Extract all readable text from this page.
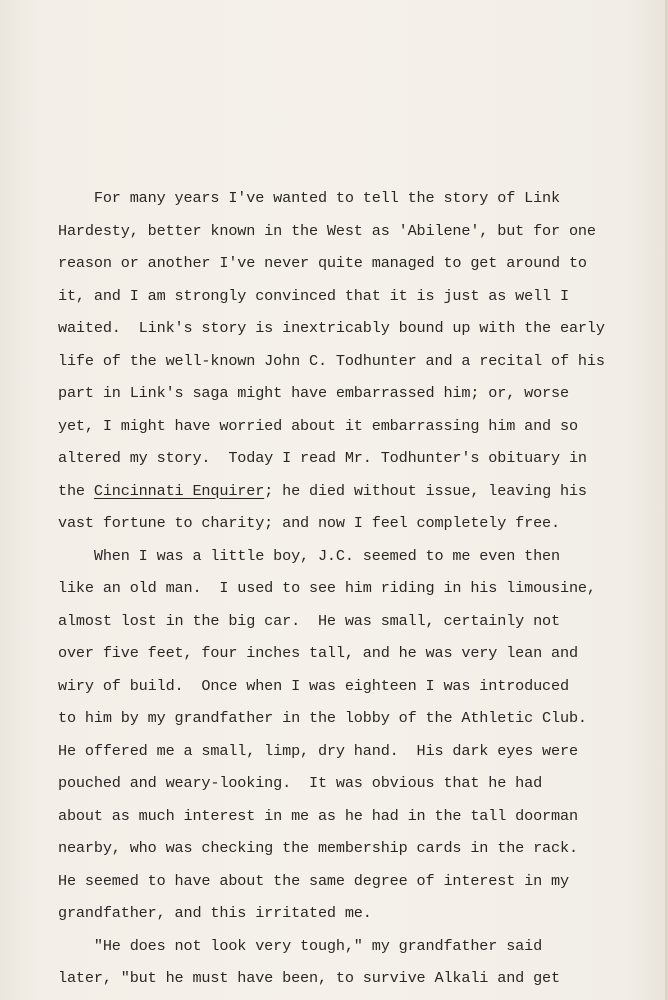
For many years I've wanted to tell the story of Link
Hardesty, better known in the West as 'Abilene', but for one
reason or another I've never quite managed to get around to
it, and I am strongly convinced that it is just as well I
waited.  Link's story is inextricably bound up with the early
life of the well-known John C. Todhunter and a recital of his
part in Link's saga might have embarrassed him; or, worse
yet, I might have worried about it embarrassing him and so
altered my story.  Today I read Mr. Todhunter's obituary in
the Cincinnati Enquirer; he died without issue, leaving his
vast fortune to charity; and now I feel completely free.
When I was a little boy, J.C. seemed to me even then
like an old man.  I used to see him riding in his limousine,
almost lost in the big car.  He was small, certainly not
over five feet, four inches tall, and he was very lean and
wiry of build.  Once when I was eighteen I was introduced
to him by my grandfather in the lobby of the Athletic Club.
He offered me a small, limp, dry hand.  His dark eyes were
pouched and weary-looking.  It was obvious that he had
about as much interest in me as he had in the tall doorman
nearby, who was checking the membership cards in the rack.
He seemed to have about the same degree of interest in my
grandfather, and this irritated me.
"He does not look very tough," my grandfather said
later, "but he must have been, to survive Alkali and get
